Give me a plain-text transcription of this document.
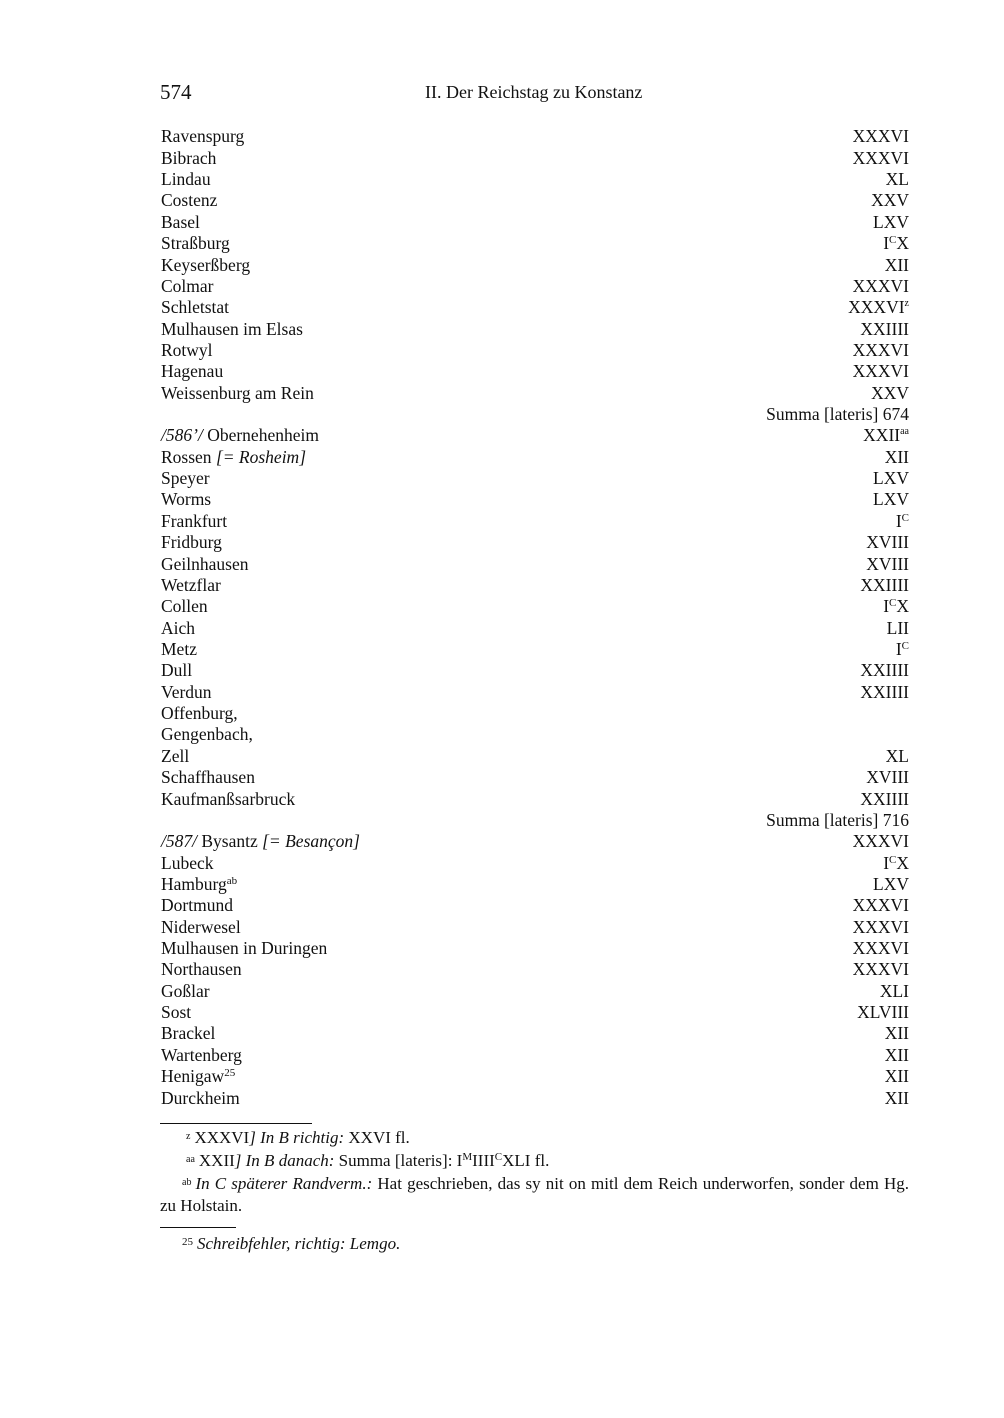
574	II. Der Reichstag zu Konstanz
Ravenspurg	XXXVI
Bibrach	XXXVI
Lindau	XL
Costenz	XXV
Basel	LXV
Straßburg	$I^CX$
Keyserßberg	XII
Colmar	XXXVI
Schletstat	XXXVI$^z$
Mulhausen im Elsas	XXIIII
Rotwyl	XXXVI
Hagenau	XXXVI
Weissenburg am Rein	XXV
Summa [lateris] 674
/586’/ Obernehenheim	$XXII^{aa}$
Rossen [= Rosheim]	XII
Speyer	LXV
Worms	LXV
Frankfurt	$I^C$
Fridburg	XVIII
Geilnhausen	XVIII
Wetzflar	XXIIII
Collen	$I^CX$
Aich	LII
Metz	$I^C$
Dull	XXIIII
Verdun	XXIIII
Offenburg,
Gengenbach,
Zell	XL
Schaffhausen	XVIII
Kaufmanßsarbruck	XXIIII
Summa [lateris] 716
/587/ Bysantz [= Besançon]	XXXVI
Lubeck	$I^CX$
Hamburg$^{ab}$	LXV
Dortmund	XXXVI
Niderwesel	XXXVI
Mulhausen in Duringen	XXXVI
Northausen	XXXVI
Goßlar	XLI
Sost	XLVIII
Brackel	XII
Wartenberg	XII
Henigaw$^{25}$	XII
Durckheim	XII
$^z$ XXXVI] In B richtig: XXVI fl.
$^{aa}$ XXII] In B danach: Summa [lateris]: $I^MIIII^CXLI$ fl.
$^{ab}$ In C späterer Randverm.: Hat geschrieben, das sy nit on mitl dem Reich underworfen, sonder dem Hg. zu Holstain.
$^{25}$ Schreibfehler, richtig: Lemgo.
